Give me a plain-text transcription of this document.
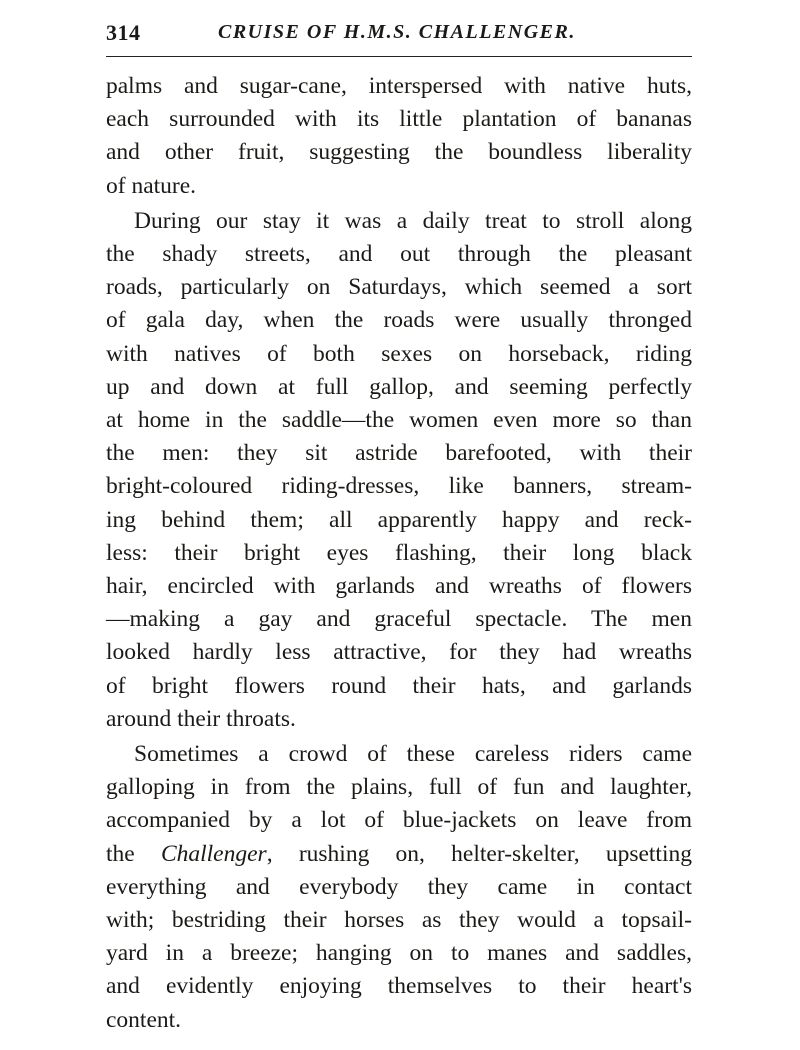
314	CRUISE OF H.M.S. CHALLENGER.

palms and sugar-cane, interspersed with native huts,
each surrounded with its little plantation of bananas
and other fruit, suggesting the boundless liberality
of nature.

During our stay it was a daily treat to stroll along
the shady streets, and out through the pleasant
roads, particularly on Saturdays, which seemed a sort
of gala day, when the roads were usually thronged
with natives of both sexes on horseback, riding
up and down at full gallop, and seeming perfectly
at home in the saddle—the women even more so than
the men: they sit astride barefooted, with their
bright-coloured riding-dresses, like banners, stream-
ing behind them; all apparently happy and reck-
less: their bright eyes flashing, their long black
hair, encircled with garlands and wreaths of flowers
—making a gay and graceful spectacle. The men
looked hardly less attractive, for they had wreaths
of bright flowers round their hats, and garlands
around their throats.

Sometimes a crowd of these careless riders came
galloping in from the plains, full of fun and laughter,
accompanied by a lot of blue-jackets on leave from
the Challenger, rushing on, helter-skelter, upsetting
everything and everybody they came in contact
with; bestriding their horses as they would a topsail-
yard in a breeze; hanging on to manes and saddles,
and evidently enjoying themselves to their heart's
content.
